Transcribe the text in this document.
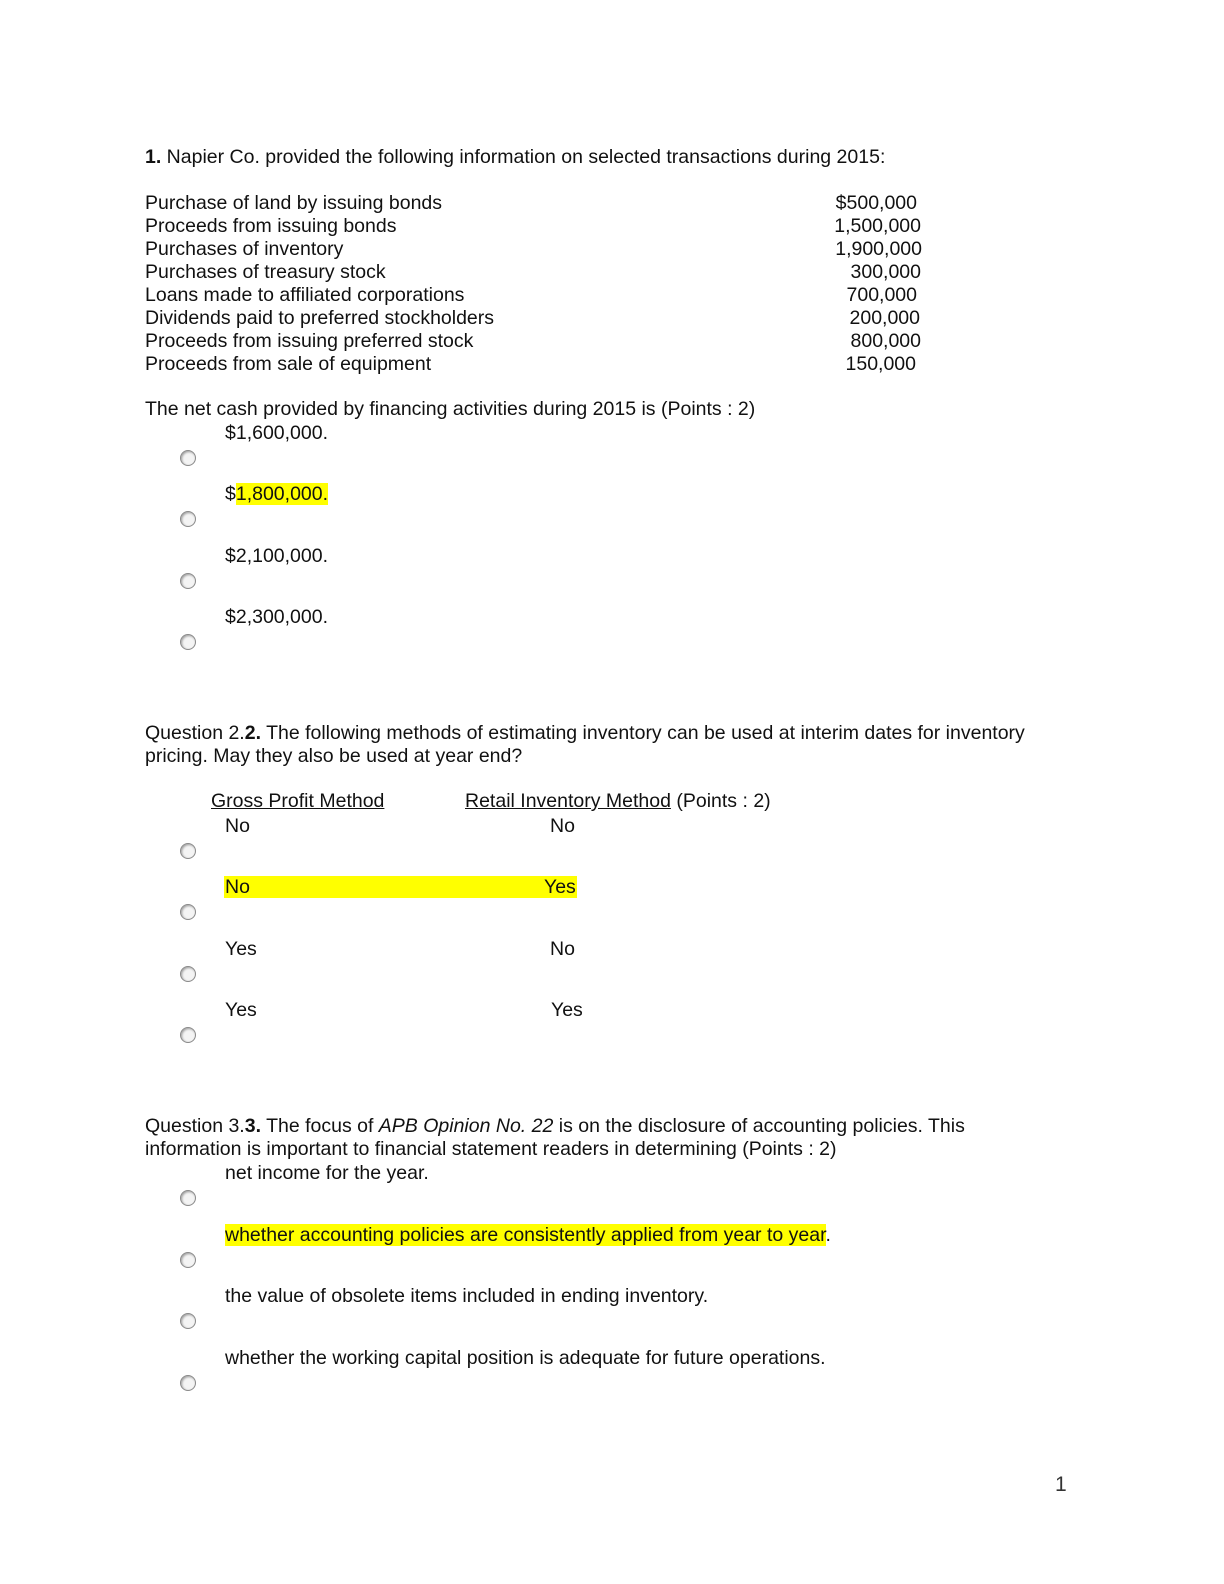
1. Napier Co. provided the following information on selected transactions during 2015:
Purchase of land by issuing bonds	$500,000
Proceeds from issuing bonds	1,500,000
Purchases of inventory	1,900,000
Purchases of treasury stock	300,000
Loans made to affiliated corporations	700,000
Dividends paid to preferred stockholders	200,000
Proceeds from issuing preferred stock	800,000
Proceeds from sale of equipment	150,000
The net cash provided by financing activities during 2015 is (Points : 2)
$1,600,000.
$1,800,000.
$2,100,000.
$2,300,000.
Question 2.2. The following methods of estimating inventory can be used at interim dates for inventory
pricing. May they also be used at year end?
Gross Profit Method	Retail Inventory Method (Points : 2)
No	No
No	Yes
Yes	No
Yes	Yes
Question 3.3. The focus of APB Opinion No. 22 is on the disclosure of accounting policies. This
information is important to financial statement readers in determining (Points : 2)
net income for the year.
whether accounting policies are consistently applied from year to year.
the value of obsolete items included in ending inventory.
whether the working capital position is adequate for future operations.
1
